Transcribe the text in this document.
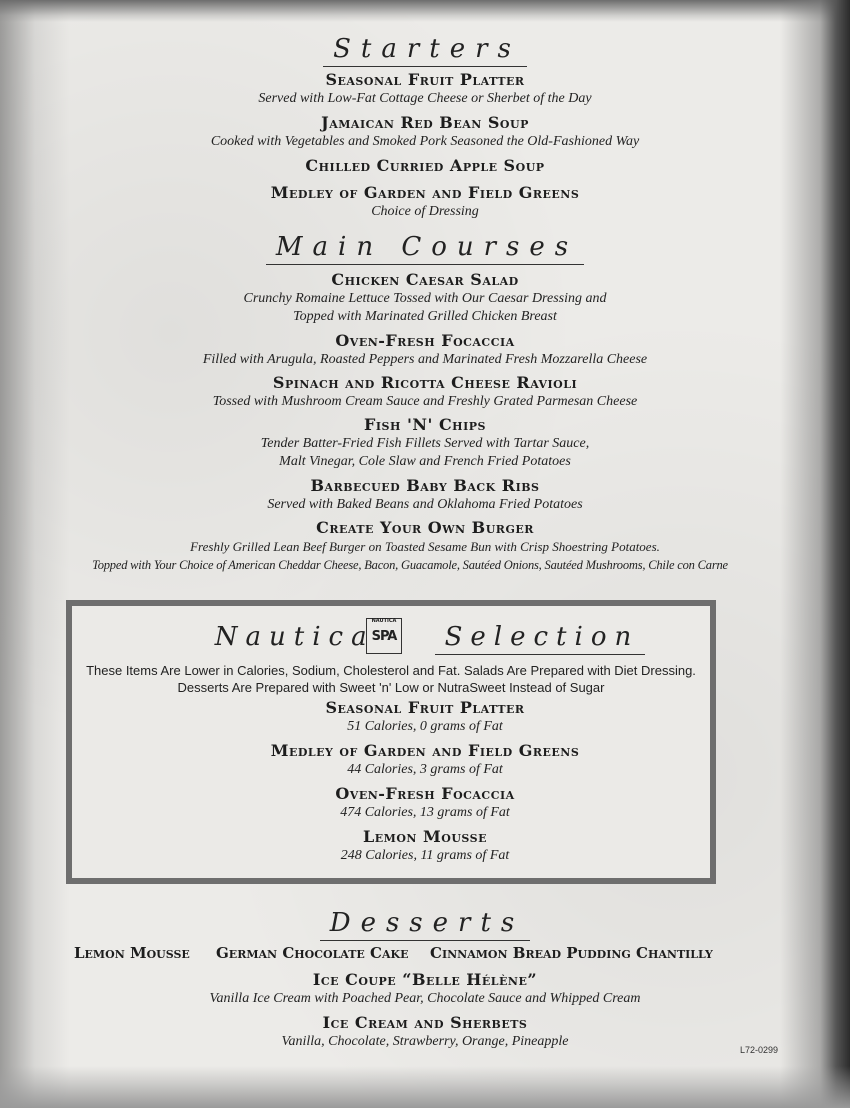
Starters
Seasonal Fruit Platter
Served with Low-Fat Cottage Cheese or Sherbet of the Day
Jamaican Red Bean Soup
Cooked with Vegetables and Smoked Pork Seasoned the Old-Fashioned Way
Chilled Curried Apple Soup
Medley of Garden and Field Greens
Choice of Dressing
Main Courses
Chicken Caesar Salad
Crunchy Romaine Lettuce Tossed with Our Caesar Dressing and
Topped with Marinated Grilled Chicken Breast
Oven-Fresh Focaccia
Filled with Arugula, Roasted Peppers and Marinated Fresh Mozzarella Cheese
Spinach and Ricotta Cheese Ravioli
Tossed with Mushroom Cream Sauce and Freshly Grated Parmesan Cheese
Fish 'N' Chips
Tender Batter-Fried Fish Fillets Served with Tartar Sauce,
Malt Vinegar, Cole Slaw and French Fried Potatoes
Barbecued Baby Back Ribs
Served with Baked Beans and Oklahoma Fried Potatoes
Create Your Own Burger
Freshly Grilled Lean Beef Burger on Toasted Sesame Bun with Crisp Shoestring Potatoes.
Topped with Your Choice of American Cheddar Cheese, Bacon, Guacamole, Sautéed Onions, Sautéed Mushrooms, Chile con Carne
Nautica	Selection
NAUTICA
SPA
These Items Are Lower in Calories, Sodium, Cholesterol and Fat. Salads Are Prepared with Diet Dressing.
Desserts Are Prepared with Sweet 'n' Low or NutraSweet Instead of Sugar
Seasonal Fruit Platter
51 Calories, 0 grams of Fat
Medley of Garden and Field Greens
44 Calories, 3 grams of Fat
Oven-Fresh Focaccia
474 Calories, 13 grams of Fat
Lemon Mousse
248 Calories, 11 grams of Fat
Desserts
Lemon Mousse German Chocolate Cake Cinnamon Bread Pudding Chantilly
Ice Coupe “Belle Hélène”
Vanilla Ice Cream with Poached Pear, Chocolate Sauce and Whipped Cream
Ice Cream and Sherbets
Vanilla, Chocolate, Strawberry, Orange, Pineapple
L72-0299
